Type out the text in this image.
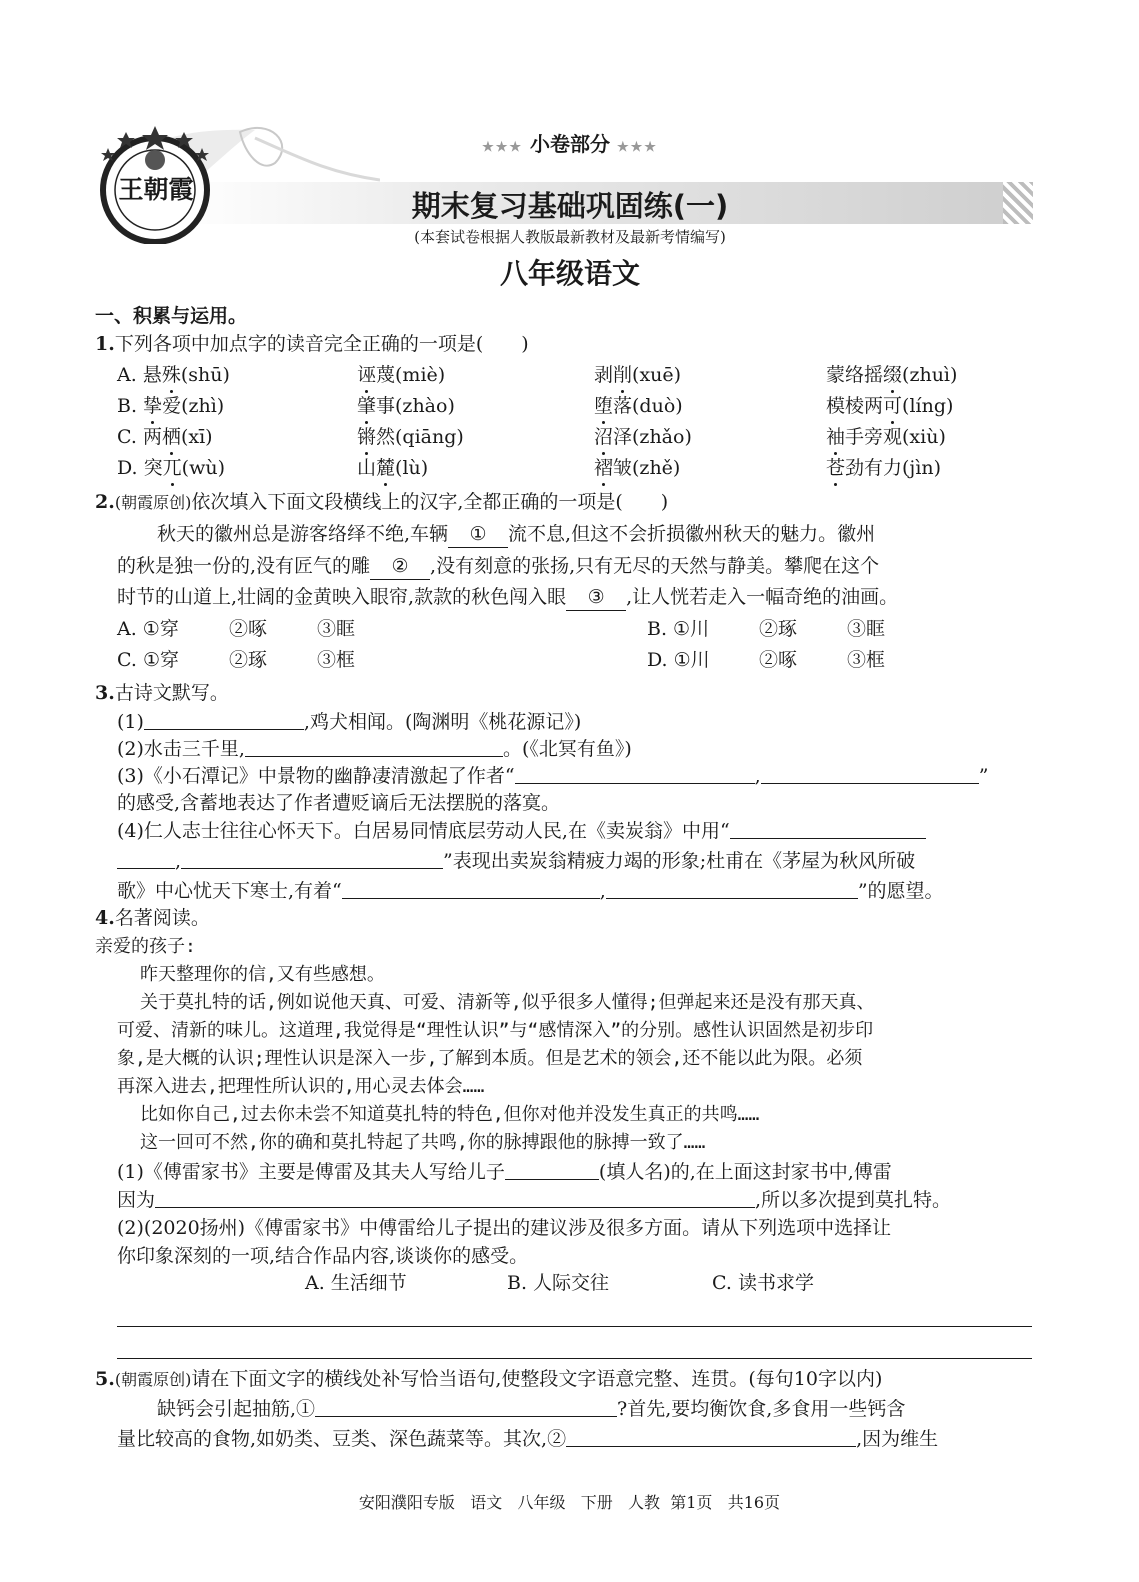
王朝霞
★★★ 小卷部分 ★★★
期末复习基础巩固练(一)
(本套试卷根据人教版最新教材及最新考情编写)
八年级语文
一、积累与运用。
1.下列各项中加点字的读音完全正确的一项是(　　)
A. 悬殊(shū)	诬蔑(miè)	剥削(xuē)	蒙络摇缀(zhuì)
B. 挚爱(zhì)	肇事(zhào)	堕落(duò)	模棱两可(líng)
C. 两栖(xī)	锵然(qiāng)	沼泽(zhǎo)	袖手旁观(xiù)
D. 突兀(wù)	山麓(lù)	褶皱(zhě)	苍劲有力(jìn)
2.(朝霞原创)依次填入下面文段横线上的汉字,全都正确的一项是(　　)
秋天的徽州总是游客络绎不绝,车辆 ① 流不息,但这不会折损徽州秋天的魅力。徽州
的秋是独一份的,没有匠气的雕 ② ,没有刻意的张扬,只有无尽的天然与静美。攀爬在这个
时节的山道上,壮阔的金黄映入眼帘,款款的秋色闯入眼 ③ ,让人恍若走入一幅奇绝的油画。
A. ①穿	②啄	③眶	B. ①川	②琢	③眶
C. ①穿	②琢	③框	D. ①川	②啄	③框
3.古诗文默写。
(1)	,鸡犬相闻。(陶渊明《桃花源记》)
(2)水击三千里,	。(《北冥有鱼》)
(3)《小石潭记》中景物的幽静凄清激起了作者“	,	”
的感受,含蓄地表达了作者遭贬谪后无法摆脱的落寞。
(4)仁人志士往往心怀天下。白居易同情底层劳动人民,在《卖炭翁》中用“
,	”表现出卖炭翁精疲力竭的形象;杜甫在《茅屋为秋风所破
歌》中心忧天下寒士,有着“	,	”的愿望。
4.名著阅读。
亲爱的孩子:
昨天整理你的信,又有些感想。
关于莫扎特的话,例如说他天真、可爱、清新等,似乎很多人懂得;但弹起来还是没有那天真、
可爱、清新的味儿。这道理,我觉得是“理性认识”与“感情深入”的分别。感性认识固然是初步印
象,是大概的认识;理性认识是深入一步,了解到本质。但是艺术的领会,还不能以此为限。必须
再深入进去,把理性所认识的,用心灵去体会……
比如你自己,过去你未尝不知道莫扎特的特色,但你对他并没发生真正的共鸣……
这一回可不然,你的确和莫扎特起了共鸣,你的脉搏跟他的脉搏一致了……
(1)《傅雷家书》主要是傅雷及其夫人写给儿子	(填人名)的,在上面这封家书中,傅雷
因为	,所以多次提到莫扎特。
(2)(2020扬州)《傅雷家书》中傅雷给儿子提出的建议涉及很多方面。请从下列选项中选择让
你印象深刻的一项,结合作品内容,谈谈你的感受。
A. 生活细节	B. 人际交往	C. 读书求学
5.(朝霞原创)请在下面文字的横线处补写恰当语句,使整段文字语意完整、连贯。(每句10字以内)
缺钙会引起抽筋,①	?首先,要均衡饮食,多食用一些钙含
量比较高的食物,如奶类、豆类、深色蔬菜等。其次,②	,因为维生
安阳濮阳专版 语文 八年级 下册 人教 第1页 共16页
